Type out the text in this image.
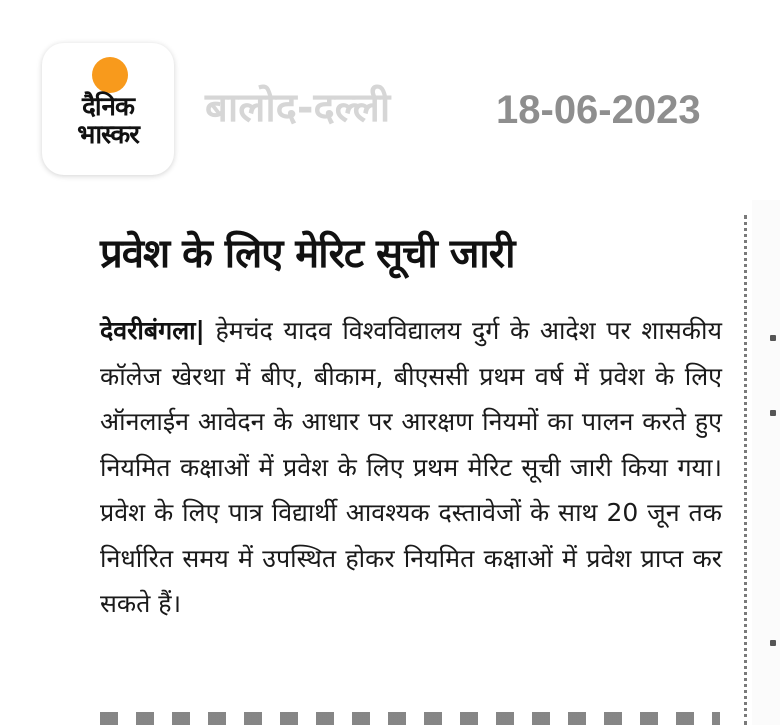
दैनिक
भास्कर
बालोद-दल्ली	18-06-2023
प्रवेश के लिए मेरिट सूची जारी
देवरीबंगला| हेमचंद यादव विश्वविद्यालय दुर्ग के आदेश पर शासकीय कॉलेज खेरथा में बीए, बीकाम, बीएससी प्रथम वर्ष में प्रवेश के लिए ऑनलाईन आवेदन के आधार पर आरक्षण नियमों का पालन करते हुए नियमित कक्षाओं में प्रवेश के लिए प्रथम मेरिट सूची जारी किया गया। प्रवेश के लिए पात्र विद्यार्थी आवश्यक दस्तावेजों के साथ 20 जून तक निर्धारित समय में उपस्थित होकर नियमित कक्षाओं में प्रवेश प्राप्त कर सकते हैं।
